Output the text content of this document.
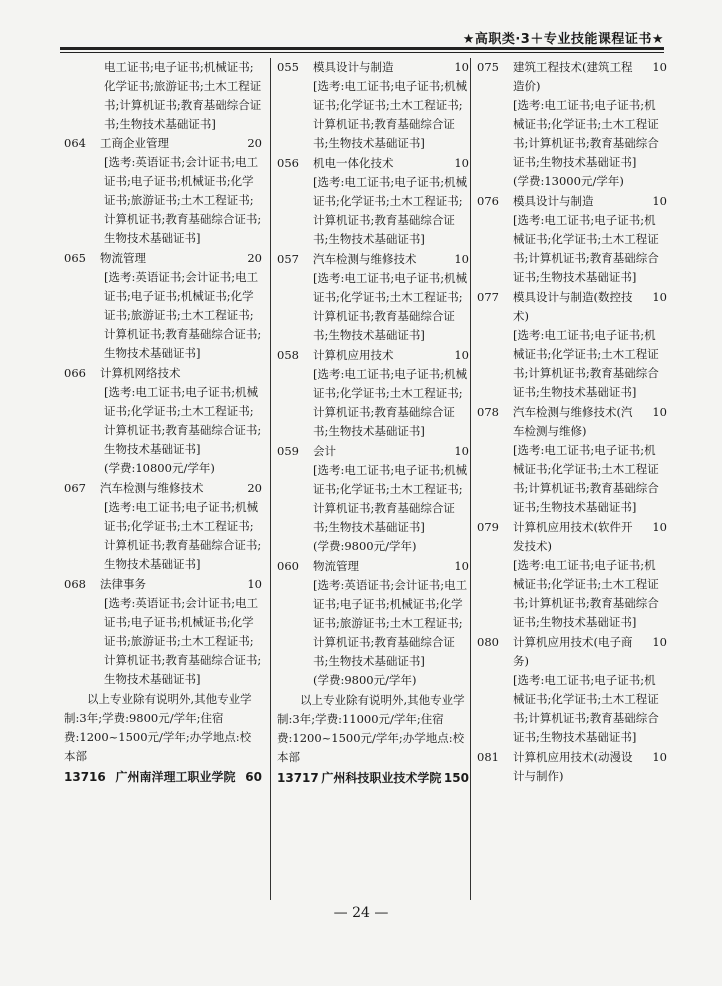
★高职类·3＋专业技能课程证书★
电工证书;电子证书;机械证书;化学证书;旅游证书;土木工程证书;计算机证书;教育基础综合证书;生物技术基础证书]
064	工商企业管理	20
[选考:英语证书;会计证书;电工证书;电子证书;机械证书;化学证书;旅游证书;土木工程证书;计算机证书;教育基础综合证书;生物技术基础证书]
065	物流管理	20
[选考:英语证书;会计证书;电工证书;电子证书;机械证书;化学证书;旅游证书;土木工程证书;计算机证书;教育基础综合证书;生物技术基础证书]
066	计算机网络技术
[选考:电工证书;电子证书;机械证书;化学证书;土木工程证书;计算机证书;教育基础综合证书;生物技术基础证书]
(学费:10800元/学年)
067	汽车检测与维修技术	20
[选考:电工证书;电子证书;机械证书;化学证书;土木工程证书;计算机证书;教育基础综合证书;生物技术基础证书]
068	法律事务	10
[选考:英语证书;会计证书;电工证书;电子证书;机械证书;化学证书;旅游证书;土木工程证书;计算机证书;教育基础综合证书;生物技术基础证书]
以上专业除有说明外,其他专业学制:3年;学费:9800元/学年;住宿费:1200~1500元/学年;办学地点:校本部
13716 广州南洋理工职业学院 60
055	模具设计与制造	10
[选考:电工证书;电子证书;机械证书;化学证书;土木工程证书;计算机证书;教育基础综合证书;生物技术基础证书]
056	机电一体化技术	10
[选考:电工证书;电子证书;机械证书;化学证书;土木工程证书;计算机证书;教育基础综合证书;生物技术基础证书]
057	汽车检测与维修技术	10
[选考:电工证书;电子证书;机械证书;化学证书;土木工程证书;计算机证书;教育基础综合证书;生物技术基础证书]
058	计算机应用技术	10
[选考:电工证书;电子证书;机械证书;化学证书;土木工程证书;计算机证书;教育基础综合证书;生物技术基础证书]
059	会计	10
[选考:电工证书;电子证书;机械证书;化学证书;土木工程证书;计算机证书;教育基础综合证书;生物技术基础证书]
(学费:9800元/学年)
060	物流管理	10
[选考:英语证书;会计证书;电工证书;电子证书;机械证书;化学证书;旅游证书;土木工程证书;计算机证书;教育基础综合证书;生物技术基础证书]
(学费:9800元/学年)
以上专业除有说明外,其他专业学制:3年;学费:11000元/学年;住宿费:1200~1500元/学年;办学地点:校本部
13717 广州科技职业技术学院 150
075	建筑工程技术(建筑工程造价)
10
[选考:电工证书;电子证书;机械证书;化学证书;土木工程证书;计算机证书;教育基础综合证书;生物技术基础证书]
(学费:13000元/学年)
076	模具设计与制造	10
[选考:电工证书;电子证书;机械证书;化学证书;土木工程证书;计算机证书;教育基础综合证书;生物技术基础证书]
077	模具设计与制造(数控技术)
10
[选考:电工证书;电子证书;机械证书;化学证书;土木工程证书;计算机证书;教育基础综合证书;生物技术基础证书]
078	汽车检测与维修技术(汽车检测与维修)
10
[选考:电工证书;电子证书;机械证书;化学证书;土木工程证书;计算机证书;教育基础综合证书;生物技术基础证书]
079	计算机应用技术(软件开发技术)
10
[选考:电工证书;电子证书;机械证书;化学证书;土木工程证书;计算机证书;教育基础综合证书;生物技术基础证书]
080	计算机应用技术(电子商务)
10
[选考:电工证书;电子证书;机械证书;化学证书;土木工程证书;计算机证书;教育基础综合证书;生物技术基础证书]
081	计算机应用技术(动漫设计与制作)
10
— 24 —
